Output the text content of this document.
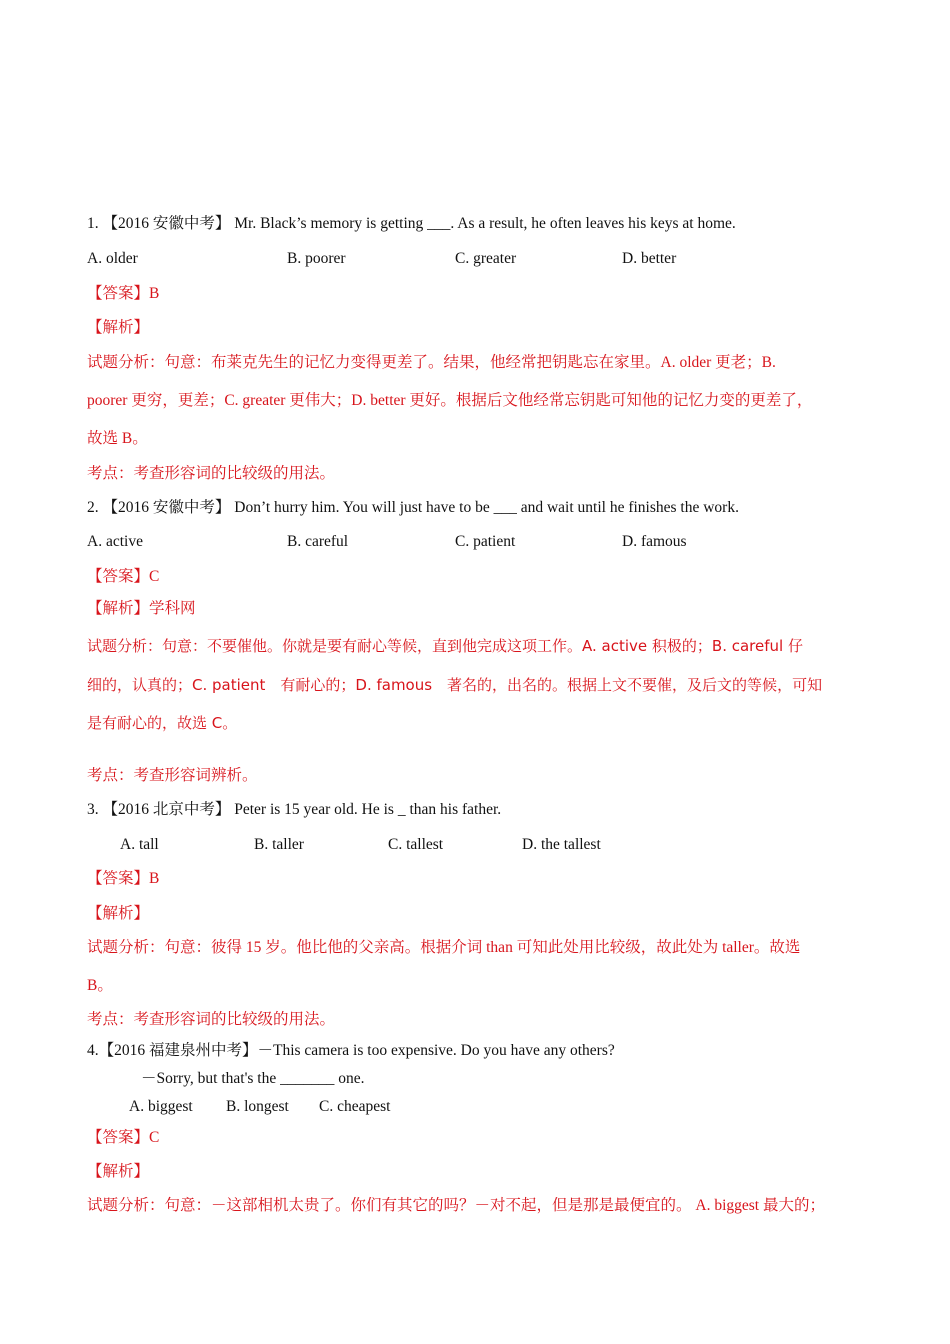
1. 【2016 安徽中考】 Mr. Black’s memory is getting ___. As a result, he often leaves his keys at home.
A. older	B. poorer	C. greater	D. better
【答案】B
【解析】
试题分析：句意：布莱克先生的记忆力变得更差了。结果，他经常把钥匙忘在家里。A. older 更老；B.
poorer 更穷，更差；C. greater 更伟大；D. better 更好。根据后文他经常忘钥匙可知他的记忆力变的更差了，
故选 B。
考点：考查形容词的比较级的用法。
2. 【2016 安徽中考】 Don’t hurry him. You will just have to be ___ and wait until he finishes the work.
A. active	B. careful	C. patient	D. famous
【答案】C
【解析】学科网
试题分析：句意：不要催他。你就是要有耐心等候，直到他完成这项工作。A. active 积极的；B. careful 仔
细的，认真的；C. patient　有耐心的；D. famous　著名的，出名的。根据上文不要催，及后文的等候，可知
是有耐心的，故选 C。
考点：考查形容词辨析。
3. 【2016 北京中考】 Peter is 15 year old. He is _ than his father.
A. tall	B. taller	C. tallest	D. the tallest
【答案】B
【解析】
试题分析：句意：彼得 15 岁。他比他的父亲高。根据介词 than 可知此处用比较级，故此处为 taller。故选
B。
考点：考查形容词的比较级的用法。
4.【2016 福建泉州中考】－This camera is too expensive. Do you have any others?
－Sorry, but that's the _______ one.
A. biggest B. longest C. cheapest
【答案】C
【解析】
试题分析：句意：－这部相机太贵了。你们有其它的吗？－对不起，但是那是最便宜的。 A. biggest 最大的；
